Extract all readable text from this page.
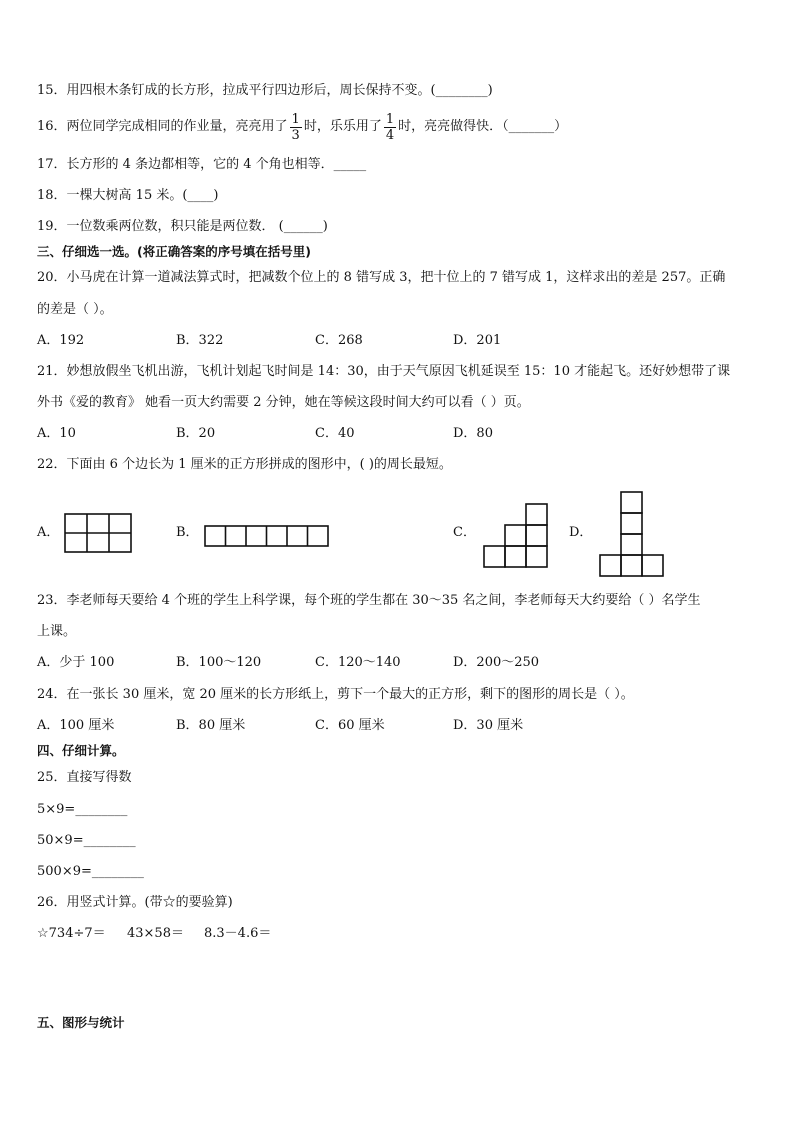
15．用四根木条钉成的长方形，拉成平行四边形后，周长保持不变。(________)
16．两位同学完成相同的作业量，亮亮用了 $\frac{1}{3}$ 时，乐乐用了 $\frac{1}{4}$ 时，亮亮做得快．（_______）
17．长方形的 4 条边都相等，它的 4 个角也相等．_____
18．一棵大树高 15 米。(____)
19．一位数乘两位数，积只能是两位数． (______)
三、仔细选一选。(将正确答案的序号填在括号里)
20．小马虎在计算一道减法算式时，把减数个位上的 8 错写成 3，把十位上的 7 错写成 1，这样求出的差是 257。正确
的差是（ ）。
A．192	B．322	C．268	D．201
21．妙想放假坐飞机出游，飞机计划起飞时间是 14：30，由于天气原因飞机延误至 15：10 才能起飞。还好妙想带了课
外书《爱的教育》 她看一页大约需要 2 分钟，她在等候这段时间大约可以看（ ）页。
A．10	B．20	C．40	D．80
22．下面由 6 个边长为 1 厘米的正方形拼成的图形中，( )的周长最短。
A．	B．	C．	D．
23．李老师每天要给 4 个班的学生上科学课，每个班的学生都在 30～35 名之间，李老师每天大约要给（ ）名学生
上课。
A．少于 100	B．100～120	C．120～140	D．200～250
24．在一张长 30 厘米，宽 20 厘米的长方形纸上，剪下一个最大的正方形，剩下的图形的周长是（ ）。
A．100 厘米	B．80 厘米	C．60 厘米	D．30 厘米
四、仔细计算。
25．直接写得数
5×9=________
50×9=________
500×9=________
26．用竖式计算。(带☆的要验算)
☆734÷7＝ 43×58＝ 8.3－4.6＝
五、图形与统计
